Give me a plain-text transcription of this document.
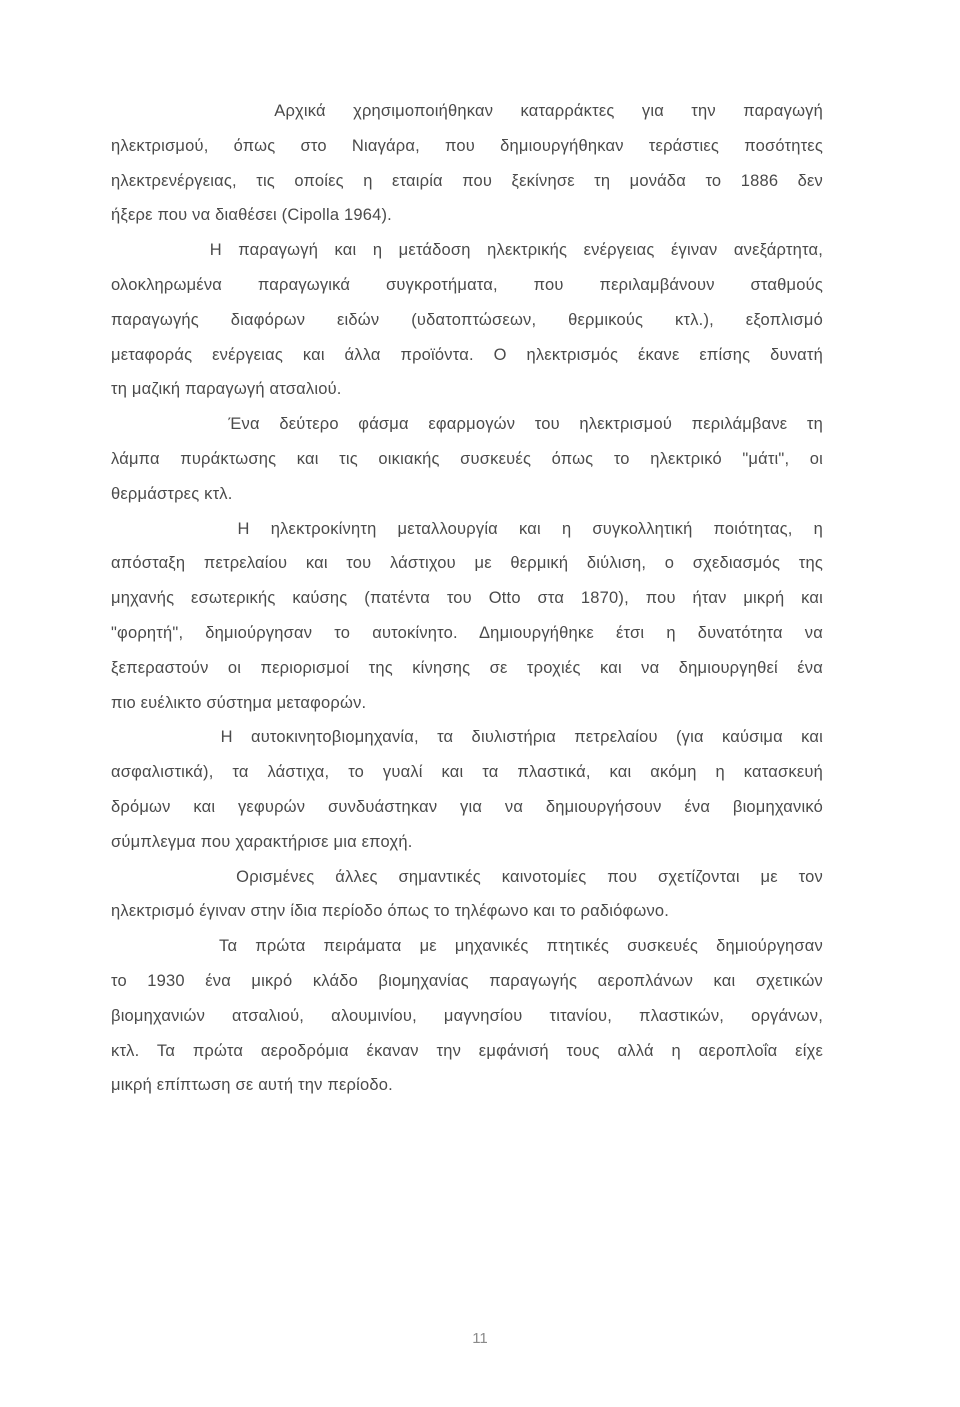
Αρχικά χρησιμοποιήθηκαν καταρράκτες για την παραγωγή
ηλεκτρισμού, όπως στο Νιαγάρα, που δημιουργήθηκαν τεράστιες ποσότητες
ηλεκτρενέργειας, τις οποίες η εταιρία που ξεκίνησε τη μονάδα το 1886 δεν
ήξερε που να διαθέσει (Cipolla 1964).
Η παραγωγή και η μετάδοση ηλεκτρικής ενέργειας έγιναν ανεξάρτητα,
ολοκληρωμένα παραγωγικά συγκροτήματα, που περιλαμβάνουν σταθμούς
παραγωγής διαφόρων ειδών (υδατοπτώσεων, θερμικούς κτλ.), εξοπλισμό
μεταφοράς ενέργειας και άλλα προϊόντα. Ο ηλεκτρισμός έκανε επίσης δυνατή
τη μαζική παραγωγή ατσαλιού.
Ένα δεύτερο φάσμα εφαρμογών του ηλεκτρισμού περιλάμβανε τη
λάμπα πυράκτωσης και τις οικιακής συσκευές όπως το ηλεκτρικό "μάτι", οι
θερμάστρες κτλ.
Η ηλεκτροκίνητη μεταλλουργία και η συγκολλητική ποιότητας, η
απόσταξη πετρελαίου και του λάστιχου με θερμική διύλιση, ο σχεδιασμός της
μηχανής εσωτερικής καύσης (πατέντα του Otto στα 1870), που ήταν μικρή και
"φορητή", δημιούργησαν το αυτοκίνητο. Δημιουργήθηκε έτσι η δυνατότητα να
ξεπεραστούν οι περιορισμοί της κίνησης σε τροχιές και να δημιουργηθεί ένα
πιο ευέλικτο σύστημα μεταφορών.
Η αυτοκινητοβιομηχανία, τα διυλιστήρια πετρελαίου (για καύσιμα και
ασφαλιστικά), τα λάστιχα, το γυαλί και τα πλαστικά, και ακόμη η κατασκευή
δρόμων και γεφυρών συνδυάστηκαν για να δημιουργήσουν ένα βιομηχανικό
σύμπλεγμα που χαρακτήρισε μια εποχή.
Ορισμένες άλλες σημαντικές καινοτομίες που σχετίζονται με τον
ηλεκτρισμό έγιναν στην ίδια περίοδο όπως το τηλέφωνο και το ραδιόφωνο.
Τα πρώτα πειράματα με μηχανικές πτητικές συσκευές δημιούργησαν
το 1930 ένα μικρό κλάδο βιομηχανίας παραγωγής αεροπλάνων και σχετικών
βιομηχανιών ατσαλιού, αλουμινίου, μαγνησίου τιτανίου, πλαστικών, οργάνων,
κτλ. Τα πρώτα αεροδρόμια έκαναν την εμφάνισή τους αλλά η αεροπλοΐα είχε
μικρή επίπτωση σε αυτή την περίοδο.
11
